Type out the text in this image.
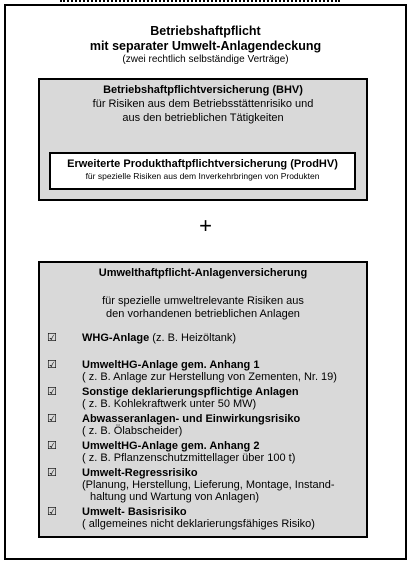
Betriebshaftpflicht
mit separater Umwelt-Anlagendeckung
(zwei rechtlich selbständige Verträge)
Betriebshaftpflichtversicherung (BHV)
für Risiken aus dem Betriebsstättenrisiko und
aus den betrieblichen Tätigkeiten
Erweiterte Produkthaftpflichtversicherung (ProdHV)
für spezielle Risiken aus dem Inverkehrbringen von Produkten
+
Umwelthaftpflicht-Anlagenversicherung
für spezielle umweltrelevante Risiken aus
den vorhandenen betrieblichen Anlagen
☑ WHG-Anlage (z. B. Heizöltank)
☑ UmweltHG-Anlage gem. Anhang 1
( z. B. Anlage zur Herstellung von Zementen, Nr. 19)
☑ Sonstige deklarierungspflichtige Anlagen
( z. B. Kohlekraftwerk unter 50 MW)
☑ Abwasseranlagen- und Einwirkungsrisiko
( z. B. Ölabscheider)
☑ UmweltHG-Anlage gem. Anhang 2
( z. B. Pflanzenschutzmittellager über 100 t)
☑ Umwelt-Regressrisiko
(Planung, Herstellung, Lieferung, Montage, Instand-
haltung und Wartung von Anlagen)
☑ Umwelt- Basisrisiko
( allgemeines nicht deklarierungsfähiges Risiko)
